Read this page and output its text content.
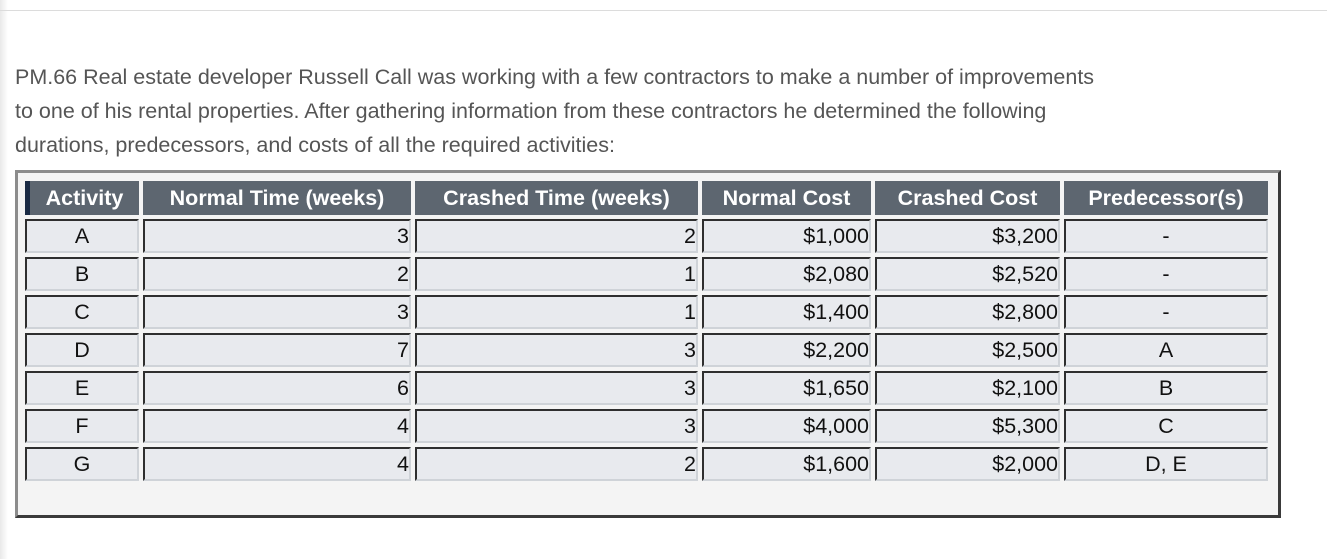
PM.66 Real estate developer Russell Call was working with a few contractors to make a number of improvements to one of his rental properties. After gathering information from these contractors he determined the following durations, predecessors, and costs of all the required activities:

Activity	Normal Time (weeks)	Crashed Time (weeks)	Normal Cost	Crashed Cost	Predecessor(s)
A	3	2	$1,000	$3,200	-
B	2	1	$2,080	$2,520	-
C	3	1	$1,400	$2,800	-
D	7	3	$2,200	$2,500	A
E	6	3	$1,650	$2,100	B
F	4	3	$4,000	$5,300	C
G	4	2	$1,600	$2,000	D, E
